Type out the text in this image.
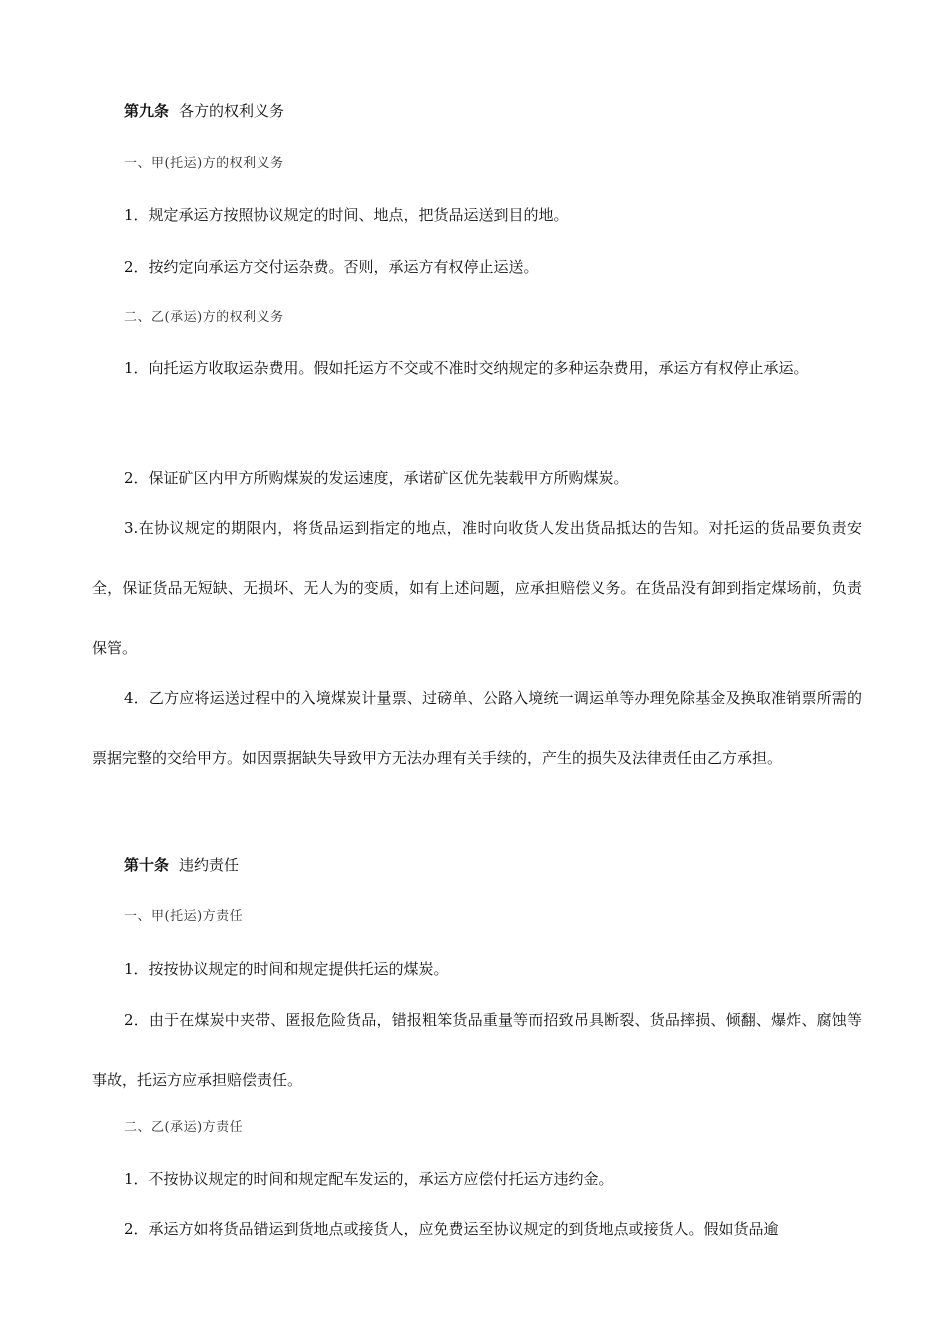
第九条 各方的权利义务

一、甲(托运)方的权利义务

1．规定承运方按照协议规定的时间、地点，把货品运送到目的地。

2．按约定向承运方交付运杂费。否则，承运方有权停止运送。

二、乙(承运)方的权利义务

1．向托运方收取运杂费用。假如托运方不交或不准时交纳规定的多种运杂费用，承运方有权停止承运。

2．保证矿区内甲方所购煤炭的发运速度，承诺矿区优先装载甲方所购煤炭。

3.在协议规定的期限内，将货品运到指定的地点，准时向收货人发出货品抵达的告知。对托运的货品要负责安全，保证货品无短缺、无损坏、无人为的变质，如有上述问题，应承担赔偿义务。在货品没有卸到指定煤场前，负责保管。

4．乙方应将运送过程中的入境煤炭计量票、过磅单、公路入境统一调运单等办理免除基金及换取准销票所需的票据完整的交给甲方。如因票据缺失导致甲方无法办理有关手续的，产生的损失及法律责任由乙方承担。

第十条 违约责任

一、甲(托运)方责任

1．按按协议规定的时间和规定提供托运的煤炭。

2．由于在煤炭中夹带、匿报危险货品，错报粗笨货品重量等而招致吊具断裂、货品摔损、倾翻、爆炸、腐蚀等事故，托运方应承担赔偿责任。

二、乙(承运)方责任

1．不按协议规定的时间和规定配车发运的，承运方应偿付托运方违约金。

2．承运方如将货品错运到货地点或接货人，应免费运至协议规定的到货地点或接货人。假如货品逾
